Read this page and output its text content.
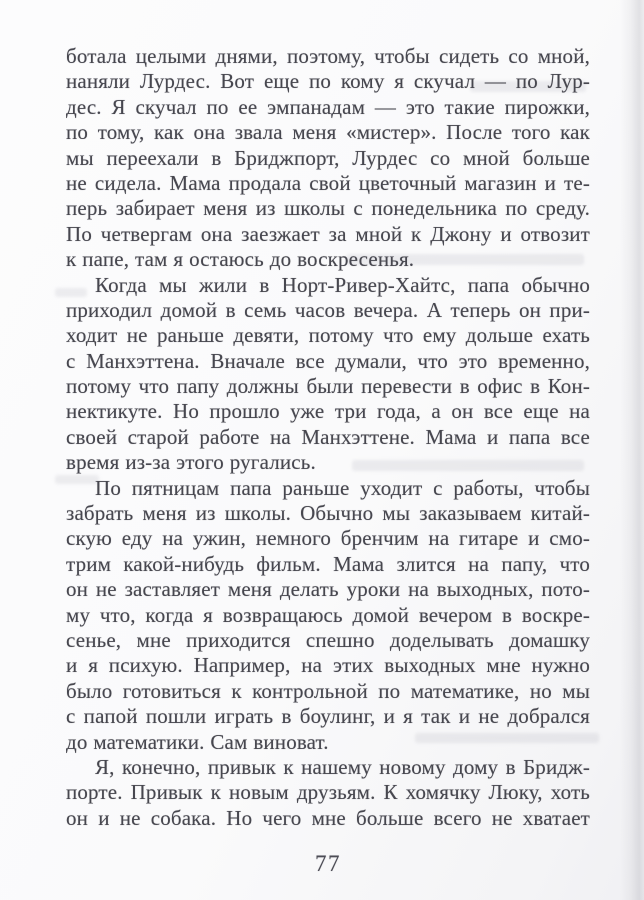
ботала целыми днями, поэтому, чтобы сидеть со мной,
наняли Лурдес. Вот еще по кому я скучал — по Лур-
дес. Я скучал по ее эмпанадам — это такие пирожки,
по тому, как она звала меня «мистер». После того как
мы переехали в Бриджпорт, Лурдес со мной больше
не сидела. Мама продала свой цветочный магазин и те-
перь забирает меня из школы с понедельника по среду.
По четвергам она заезжает за мной к Джону и отвозит
к папе, там я остаюсь до воскресенья.
Когда мы жили в Норт-Ривер-Хайтс, папа обычно
приходил домой в семь часов вечера. А теперь он при-
ходит не раньше девяти, потому что ему дольше ехать
с Манхэттена. Вначале все думали, что это временно,
потому что папу должны были перевести в офис в Кон-
нектикуте. Но прошло уже три года, а он все еще на
своей старой работе на Манхэттене. Мама и папа все
время из-за этого ругались.
По пятницам папа раньше уходит с работы, чтобы
забрать меня из школы. Обычно мы заказываем китай-
скую еду на ужин, немного бренчим на гитаре и смо-
трим какой-нибудь фильм. Мама злится на папу, что
он не заставляет меня делать уроки на выходных, пото-
му что, когда я возвращаюсь домой вечером в воскре-
сенье, мне приходится спешно доделывать домашку
и я психую. Например, на этих выходных мне нужно
было готовиться к контрольной по математике, но мы
с папой пошли играть в боулинг, и я так и не добрался
до математики. Сам виноват.
Я, конечно, привык к нашему новому дому в Бридж-
порте. Привык к новым друзьям. К хомячку Люку, хоть
он и не собака. Но чего мне больше всего не хватает
77
